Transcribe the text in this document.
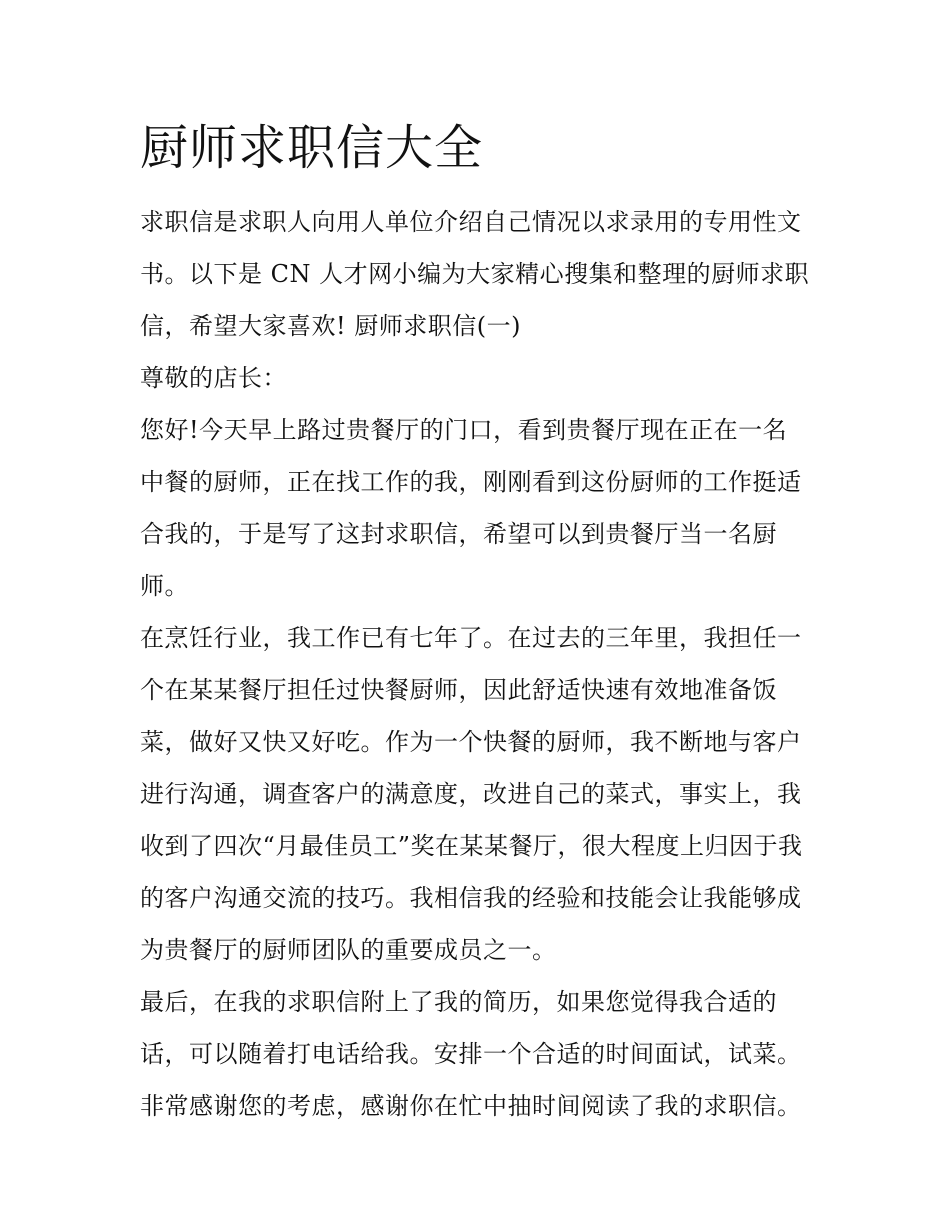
厨师求职信大全
求职信是求职人向用人单位介绍自己情况以求录用的专用性文
书。以下是 CN 人才网小编为大家精心搜集和整理的厨师求职
信，希望大家喜欢! 厨师求职信(一)
尊敬的店长：
您好!今天早上路过贵餐厅的门口，看到贵餐厅现在正在一名
中餐的厨师，正在找工作的我，刚刚看到这份厨师的工作挺适
合我的，于是写了这封求职信，希望可以到贵餐厅当一名厨
师。
在烹饪行业，我工作已有七年了。在过去的三年里，我担任一
个在某某餐厅担任过快餐厨师，因此舒适快速有效地准备饭
菜，做好又快又好吃。作为一个快餐的厨师，我不断地与客户
进行沟通，调查客户的满意度，改进自己的菜式，事实上，我
收到了四次“月最佳员工”奖在某某餐厅，很大程度上归因于我
的客户沟通交流的技巧。我相信我的经验和技能会让我能够成
为贵餐厅的厨师团队的重要成员之一。
最后，在我的求职信附上了我的简历，如果您觉得我合适的
话，可以随着打电话给我。安排一个合适的时间面试，试菜。
非常感谢您的考虑，感谢你在忙中抽时间阅读了我的求职信。
